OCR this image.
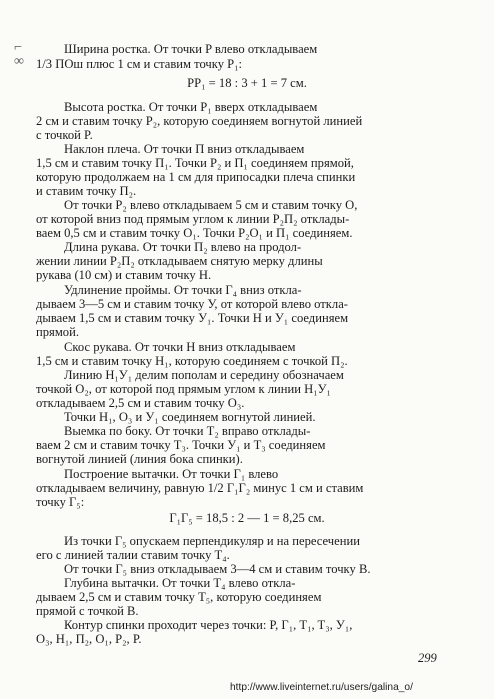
⌐
∞
Ширина ростка. От точки P влево откладываем
1/3 ПОш плюс 1 см и ставим точку P₁:
PP₁ = 18 : 3 + 1 = 7 см.
Высота ростка. От точки P₁ вверх откладываем
2 см и ставим точку P₂, которую соединяем вогнутой линией
с точкой P.
Наклон плеча. От точки П вниз откладываем
1,5 см и ставим точку П₁. Точки P₂ и П₁ соединяем прямой,
которую продолжаем на 1 см для припосадки плеча спинки
и ставим точку П₂.
От точки P₂ влево откладываем 5 см и ставим точку O,
от которой вниз под прямым углом к линии P₂П₂ отклады-
ваем 0,5 см и ставим точку O₁. Точки P₂O₁ и П₁ соединяем.
Длина рукава. От точки П₂ влево на продол-
жении линии P₂П₂ откладываем снятую мерку длины
рукава (10 см) и ставим точку H.
Удлинение проймы. От точки Г₄ вниз откла-
дываем 3—5 см и ставим точку У, от которой влево откла-
дываем 1,5 см и ставим точку У₁. Точки H и У₁ соединяем
прямой.
Скос рукава. От точки H вниз откладываем
1,5 см и ставим точку H₁, которую соединяем с точкой П₂.
Линию H₁У₁ делим пополам и середину обозначаем
точкой O₂, от которой под прямым углом к линии H₁У₁
откладываем 2,5 см и ставим точку O₃.
Точки H₁, O₃ и У₁ соединяем вогнутой линией.
Выемка по боку. От точки T₂ вправо отклады-
ваем 2 см и ставим точку T₃. Точки У₁ и T₃ соединяем
вогнутой линией (линия бока спинки).
Построение вытачки. От точки Г₁ влево
откладываем величину, равную 1/2 Г₁Г₂ минус 1 см и ставим
точку Г₅:
Г₁Г₅ = 18,5 : 2 — 1 = 8,25 см.
Из точки Г₅ опускаем перпендикуляр и на пересечении
его с линией талии ставим точку T₄.
От точки Г₅ вниз откладываем 3—4 см и ставим точку B.
Глубина вытачки. От точки T₄ влево откла-
дываем 2,5 см и ставим точку T₅, которую соединяем
прямой с точкой B.
Контур спинки проходит через точки: P, Г₁, T₁, T₃, У₁,
O₃, H₁, П₂, O₁, P₂, P.
299
http://www.liveinternet.ru/users/galina_o/
